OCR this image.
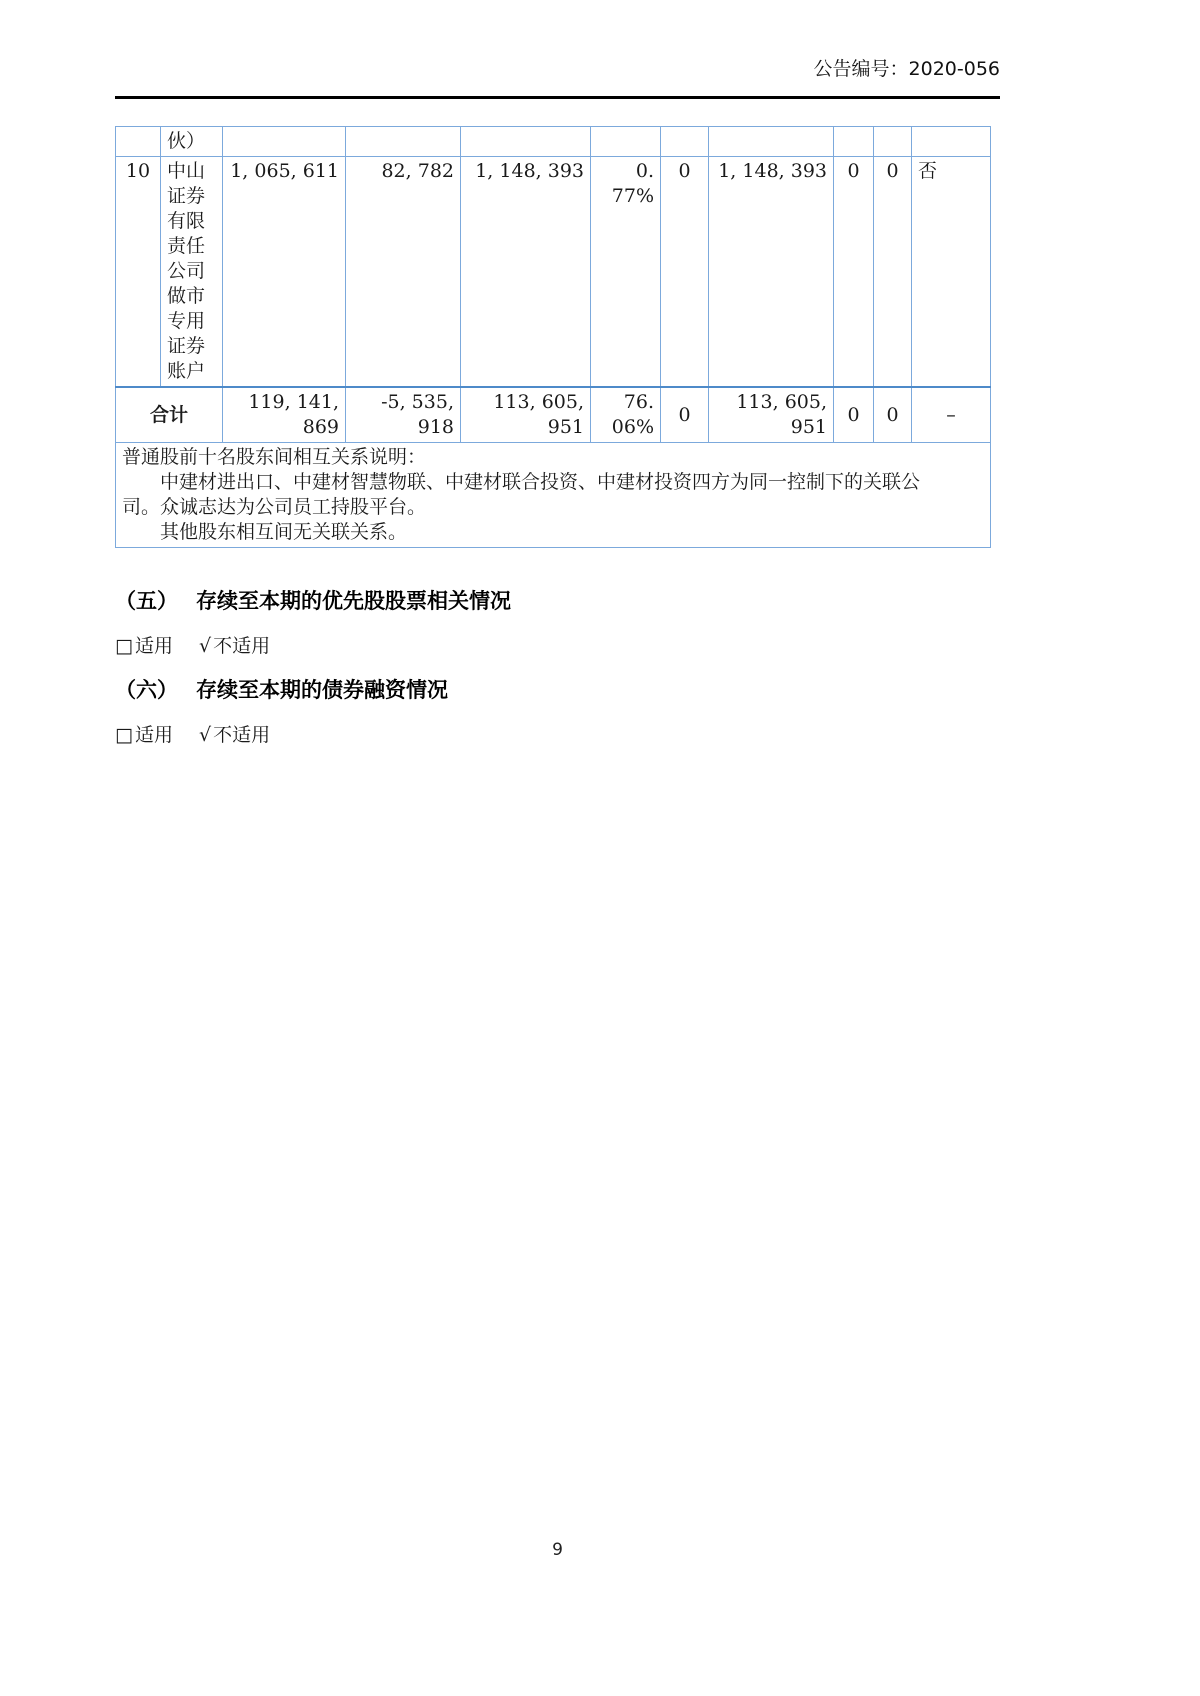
公告编号：2020-056
	伙）									
10	中山证券有限责任公司做市专用证券账户	1, 065, 611	82, 782	1, 148, 393	0. 77%	0	1, 148, 393	0	0	否
合计		119, 141, 869	-5, 535, 918	113, 605, 951	76. 06%	0	113, 605, 951	0	0	–

普通股前十名股东间相互关系说明：
中建材进出口、中建材智慧物联、中建材联合投资、中建材投资四方为同一控制下的关联公
司。众诚志达为公司员工持股平台。
其他股东相互间无关联关系。										
（五） 存续至本期的优先股股票相关情况
□ 适用 √ 不适用
（六） 存续至本期的债券融资情况
□ 适用 √ 不适用
9
